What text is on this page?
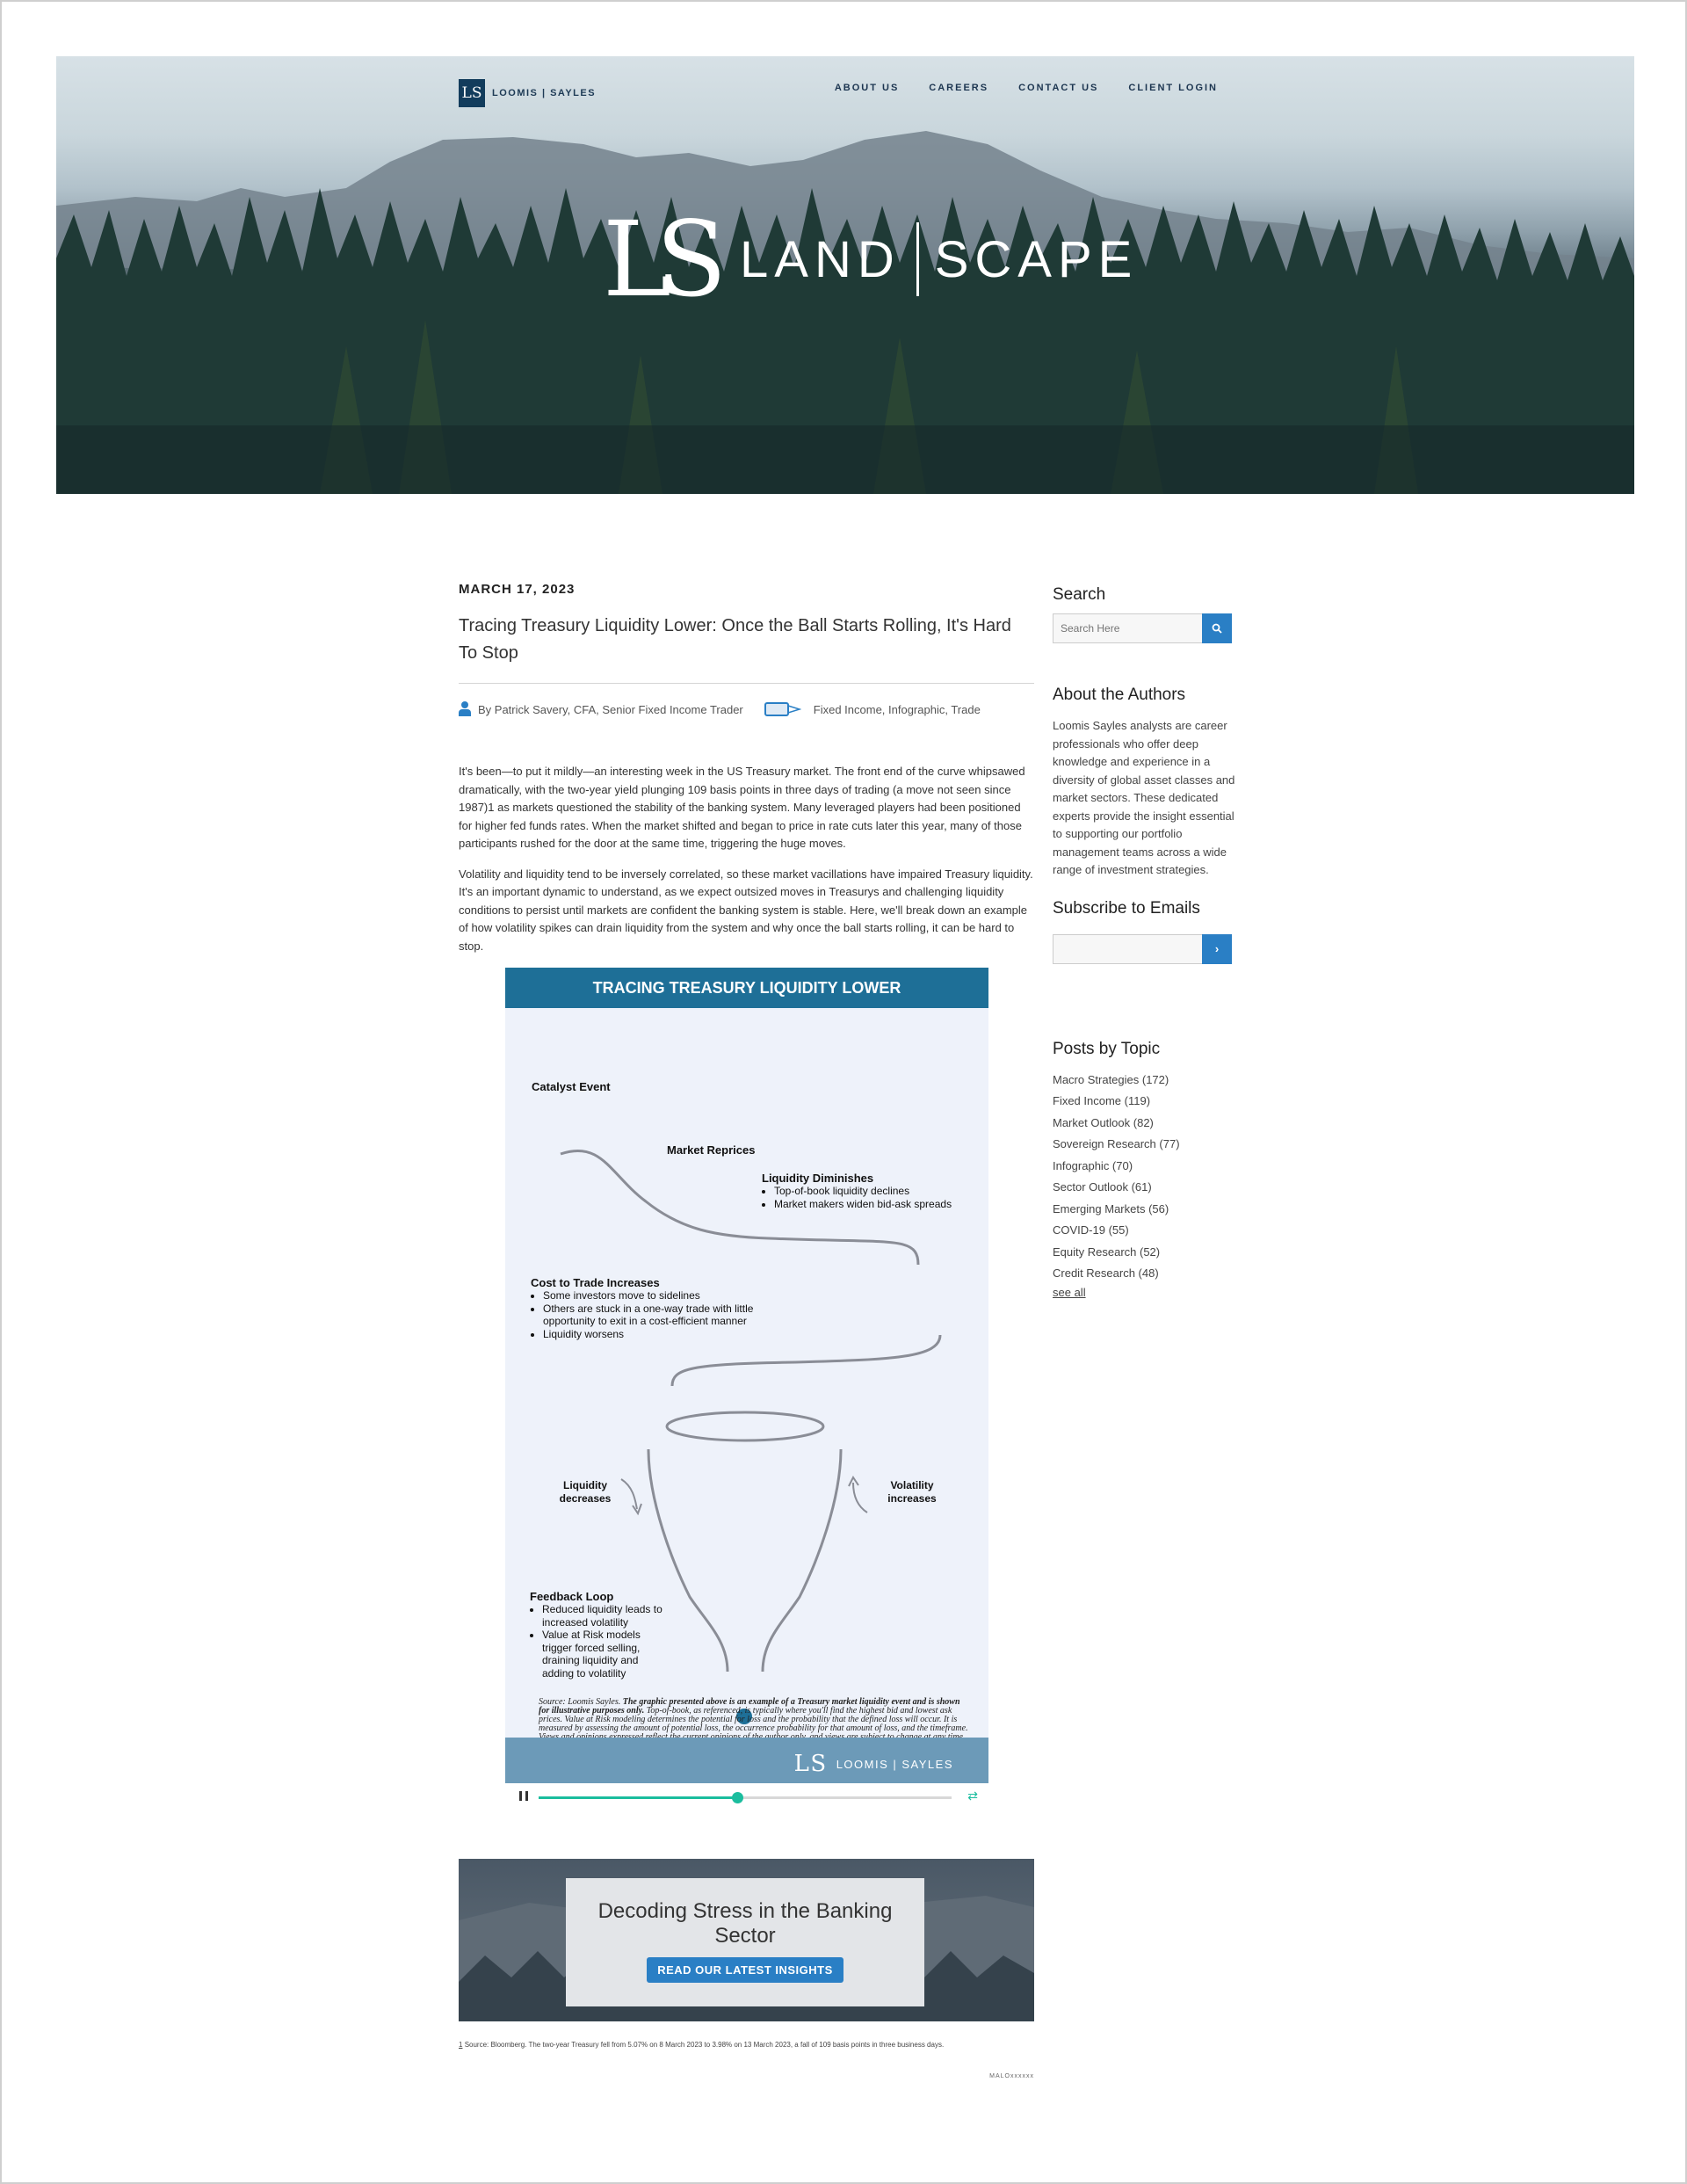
LS	LOOMIS | SAYLES	ABOUT US	CAREERS	CONTACT US	CLIENT LOGIN
LS LAND SCAPE
MARCH 17, 2023
Tracing Treasury Liquidity Lower: Once the Ball Starts Rolling, It's Hard To Stop
By Patrick Savery, CFA, Senior Fixed Income Trader	Fixed Income, Infographic, Trade

It's been—to put it mildly—an interesting week in the US Treasury market. The front end of the curve whipsawed dramatically, with the two-year yield plunging 109 basis points in three days of trading (a move not seen since 1987)1 as markets questioned the stability of the banking system. Many leveraged players had been positioned for higher fed funds rates. When the market shifted and began to price in rate cuts later this year, many of those participants rushed for the door at the same time, triggering the huge moves.

Volatility and liquidity tend to be inversely correlated, so these market vacillations have impaired Treasury liquidity. It's an important dynamic to understand, as we expect outsized moves in Treasurys and challenging liquidity conditions to persist until markets are confident the banking system is stable. Here, we'll break down an example of how volatility spikes can drain liquidity from the system and why once the ball starts rolling, it can be hard to stop.

TRACING TREASURY LIQUIDITY LOWER
Catalyst Event
Market Reprices
Liquidity Diminishes
• Top-of-book liquidity declines
• Market makers widen bid-ask spreads
Cost to Trade Increases
• Some investors move to sidelines
• Others are stuck in a one-way trade with little opportunity to exit in a cost-efficient manner
• Liquidity worsens
Liquidity decreases
Volatility increases
Feedback Loop
• Reduced liquidity leads to increased volatility
• Value at Risk models trigger forced selling, draining liquidity and adding to volatility
Source: Loomis Sayles. The graphic presented above is an example of a Treasury market liquidity event and is shown for illustrative purposes only. Top-of-book, as referenced, is typically where you'll find the highest bid and lowest ask prices. Value at Risk modeling determines the potential for loss and the probability that the defined loss will occur. It is measured by assessing the amount of potential loss, the occurrence probability for that amount of loss, and the timeframe.
LS LOOMIS | SAYLES
⇄
Decoding Stress in the Banking Sector
READ OUR LATEST INSIGHTS
1 Source: Bloomberg. The two-year Treasury fell from 5.07% on 8 March 2023 to 3.98% on 13 March 2023, a fall of 109 basis points in three business days.
MALOxxxxxx
Search
Search Here
About the Authors

Loomis Sayles analysts are career professionals who offer deep knowledge and experience in a diversity of global asset classes and market sectors. These dedicated experts provide the insight essential to supporting our portfolio management teams across a wide range of investment strategies.

Subscribe to Emails
›
Posts by Topic
Macro Strategies (172)
Fixed Income (119)
Market Outlook (82)
Sovereign Research (77)
Infographic (70)
Sector Outlook (61)
Emerging Markets (56)
COVID-19 (55)
Equity Research (52)
Credit Research (48)
see all
